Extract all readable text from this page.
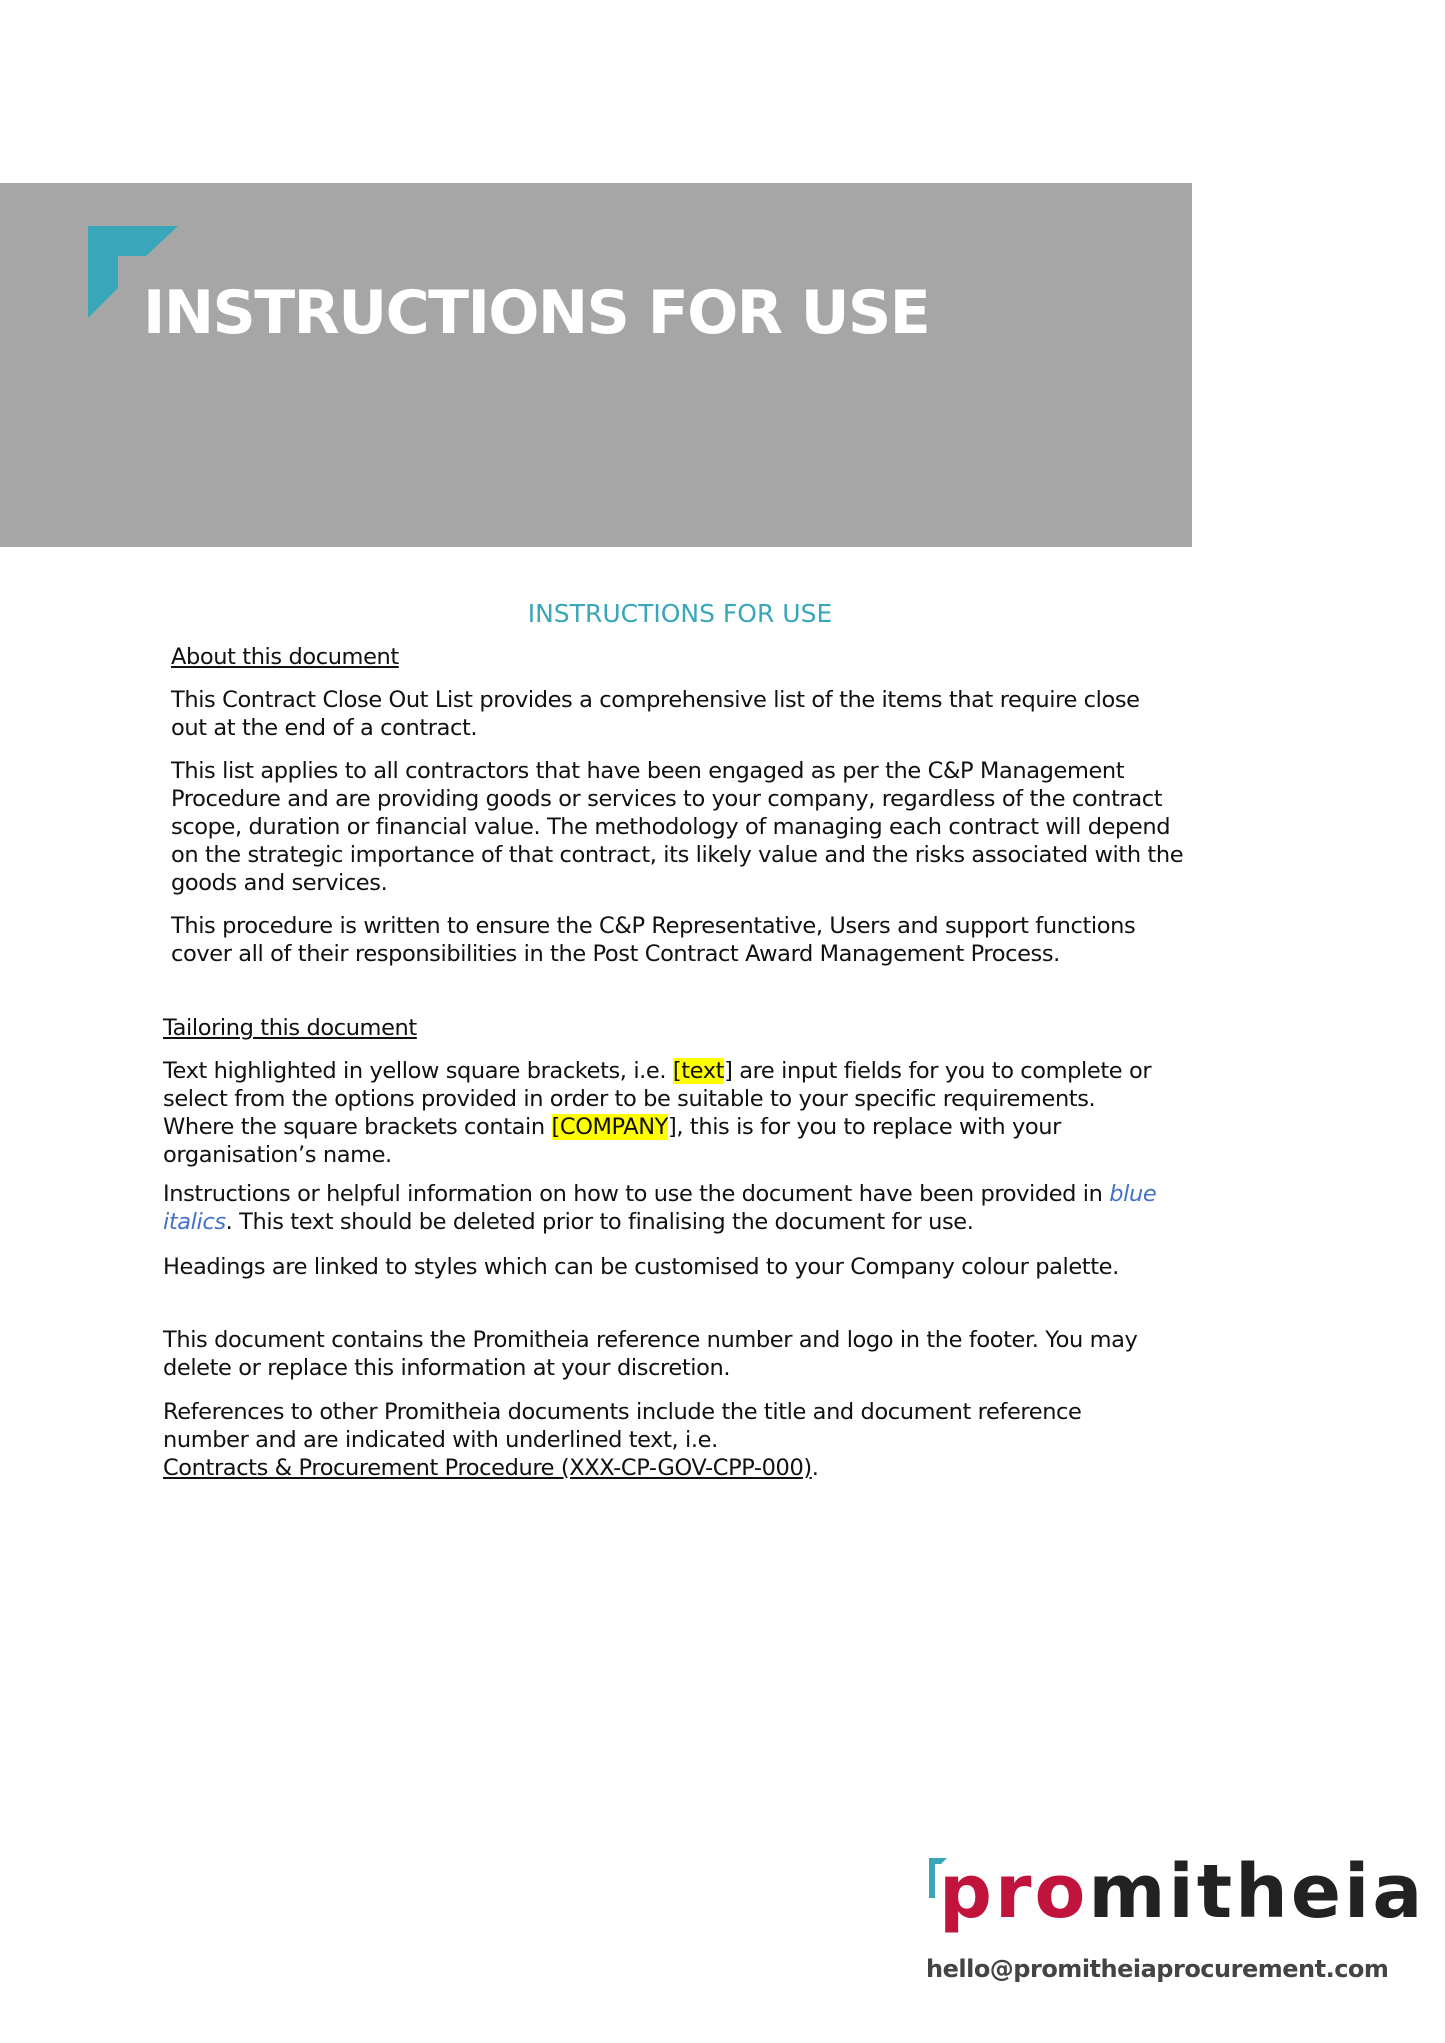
INSTRUCTIONS FOR USE
INSTRUCTIONS FOR USE

About this document

This Contract Close Out List provides a comprehensive list of the items that require close out at the end of a contract.

This list applies to all contractors that have been engaged as per the C&P Management Procedure and are providing goods or services to your company, regardless of the contract scope, duration or financial value. The methodology of managing each contract will depend on the strategic importance of that contract, its likely value and the risks associated with the goods and services.

This procedure is written to ensure the C&P Representative, Users and support functions cover all of their responsibilities in the Post Contract Award Management Process.

Tailoring this document

Text highlighted in yellow square brackets, i.e. [text] are input fields for you to complete or select from the options provided in order to be suitable to your specific requirements. Where the square brackets contain [COMPANY], this is for you to replace with your organisation’s name.

Instructions or helpful information on how to use the document have been provided in blue italics. This text should be deleted prior to finalising the document for use.

Headings are linked to styles which can be customised to your Company colour palette.

This document contains the Promitheia reference number and logo in the footer. You may delete or replace this information at your discretion.

References to other Promitheia documents include the title and document reference number and are indicated with underlined text, i.e.
Contracts & Procurement Procedure (XXX-CP-GOV-CPP-000).

promitheia

hello@promitheiaprocurement.com
